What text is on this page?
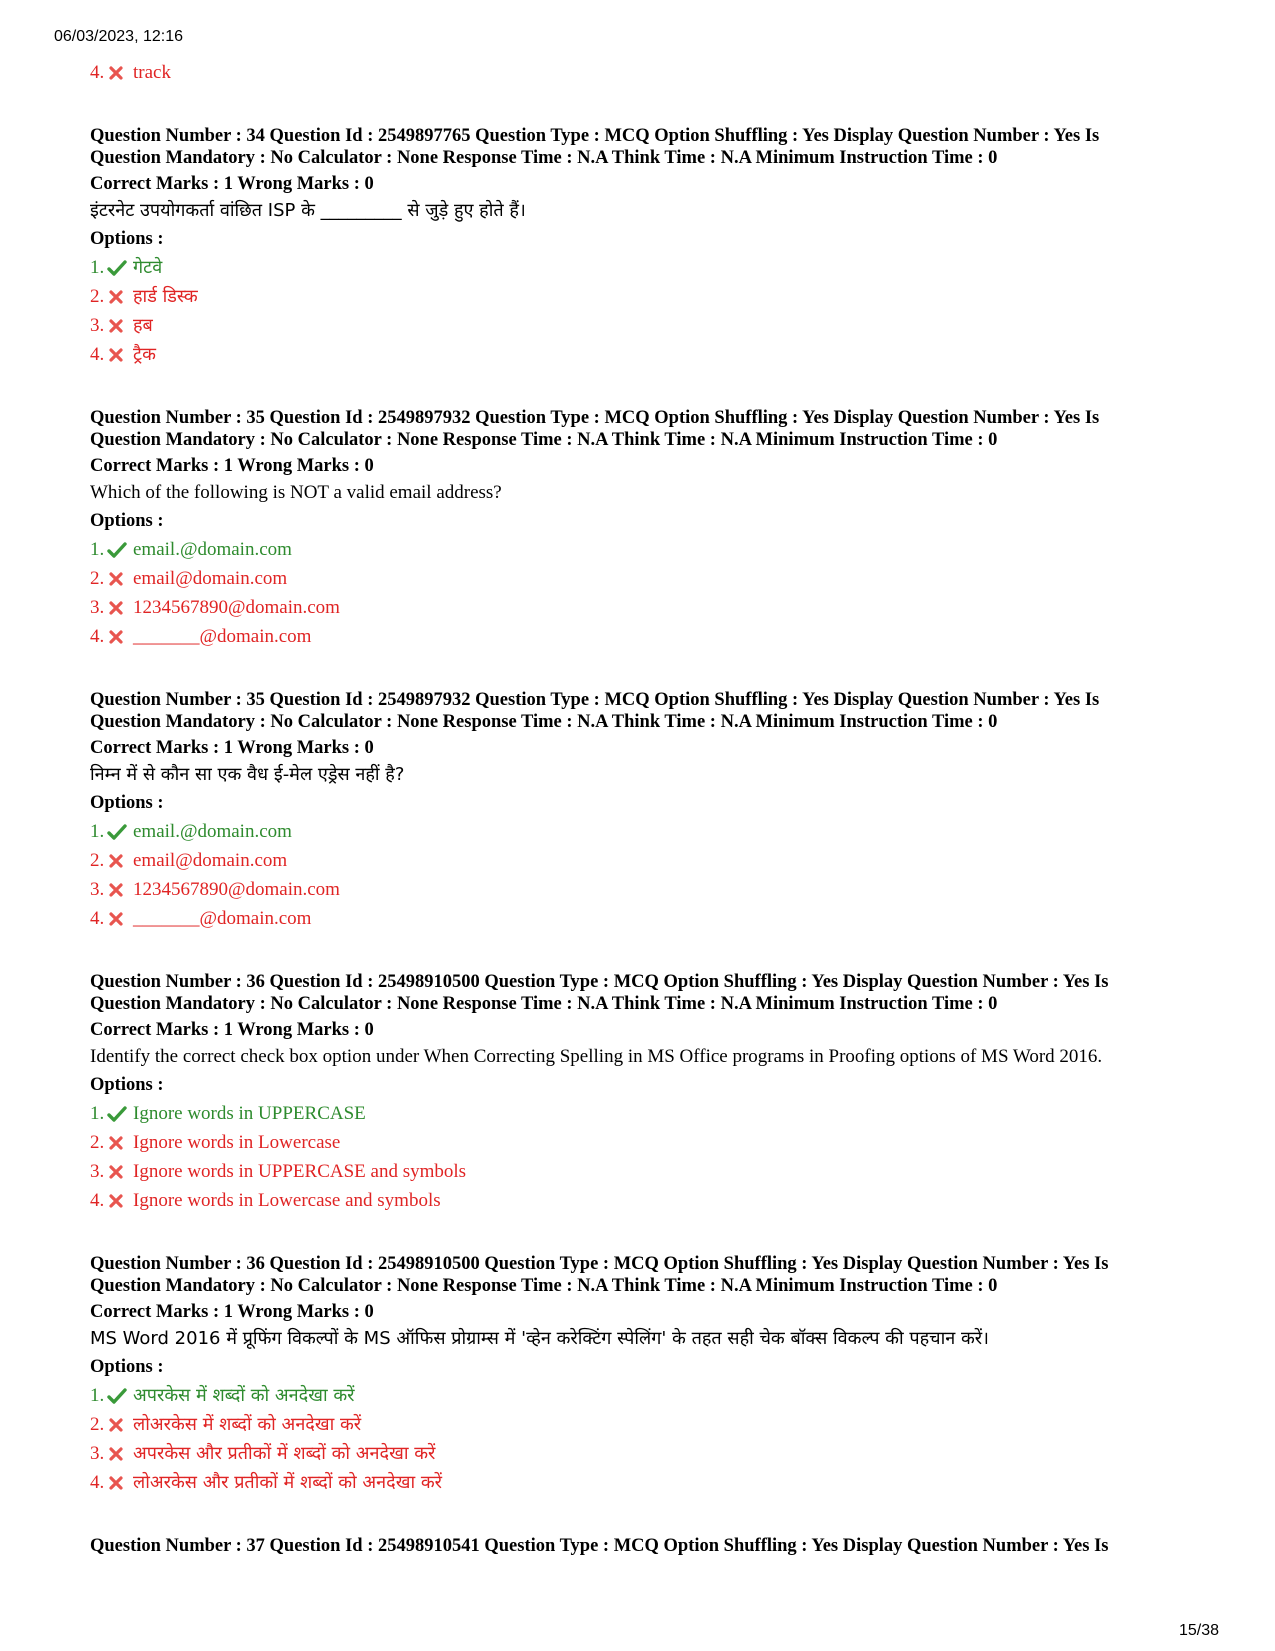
06/03/2023, 12:16
4. track
Question Number : 34 Question Id : 2549897765 Question Type : MCQ Option Shuffling : Yes Display Question Number : Yes Is
Question Mandatory : No Calculator : None Response Time : N.A Think Time : N.A Minimum Instruction Time : 0
Correct Marks : 1 Wrong Marks : 0
इंटरनेट उपयोगकर्ता वांछित ISP के _________ से जुड़े हुए होते हैं।
Options :
1. गेटवे
2. हार्ड डिस्क
3. हब
4. ट्रैक
Question Number : 35 Question Id : 2549897932 Question Type : MCQ Option Shuffling : Yes Display Question Number : Yes Is
Question Mandatory : No Calculator : None Response Time : N.A Think Time : N.A Minimum Instruction Time : 0
Correct Marks : 1 Wrong Marks : 0
Which of the following is NOT a valid email address?
Options :
1. email.@domain.com
2. email@domain.com
3. 1234567890@domain.com
4. _______@domain.com
Question Number : 35 Question Id : 2549897932 Question Type : MCQ Option Shuffling : Yes Display Question Number : Yes Is
Question Mandatory : No Calculator : None Response Time : N.A Think Time : N.A Minimum Instruction Time : 0
Correct Marks : 1 Wrong Marks : 0
निम्न में से कौन सा एक वैध ई-मेल एड्रेस नहीं है?
Options :
1. email.@domain.com
2. email@domain.com
3. 1234567890@domain.com
4. _______@domain.com
Question Number : 36 Question Id : 25498910500 Question Type : MCQ Option Shuffling : Yes Display Question Number : Yes Is
Question Mandatory : No Calculator : None Response Time : N.A Think Time : N.A Minimum Instruction Time : 0
Correct Marks : 1 Wrong Marks : 0
Identify the correct check box option under When Correcting Spelling in MS Office programs in Proofing options of MS Word 2016.
Options :
1. Ignore words in UPPERCASE
2. Ignore words in Lowercase
3. Ignore words in UPPERCASE and symbols
4. Ignore words in Lowercase and symbols
Question Number : 36 Question Id : 25498910500 Question Type : MCQ Option Shuffling : Yes Display Question Number : Yes Is
Question Mandatory : No Calculator : None Response Time : N.A Think Time : N.A Minimum Instruction Time : 0
Correct Marks : 1 Wrong Marks : 0
MS Word 2016 में प्रूफिंग विकल्पों के MS ऑफिस प्रोग्राम्स में 'व्हेन करेक्टिंग स्पेलिंग' के तहत सही चेक बॉक्स विकल्प की पहचान करें।
Options :
1. अपरकेस में शब्दों को अनदेखा करें
2. लोअरकेस में शब्दों को अनदेखा करें
3. अपरकेस और प्रतीकों में शब्दों को अनदेखा करें
4. लोअरकेस और प्रतीकों में शब्दों को अनदेखा करें
Question Number : 37 Question Id : 25498910541 Question Type : MCQ Option Shuffling : Yes Display Question Number : Yes Is
15/38
